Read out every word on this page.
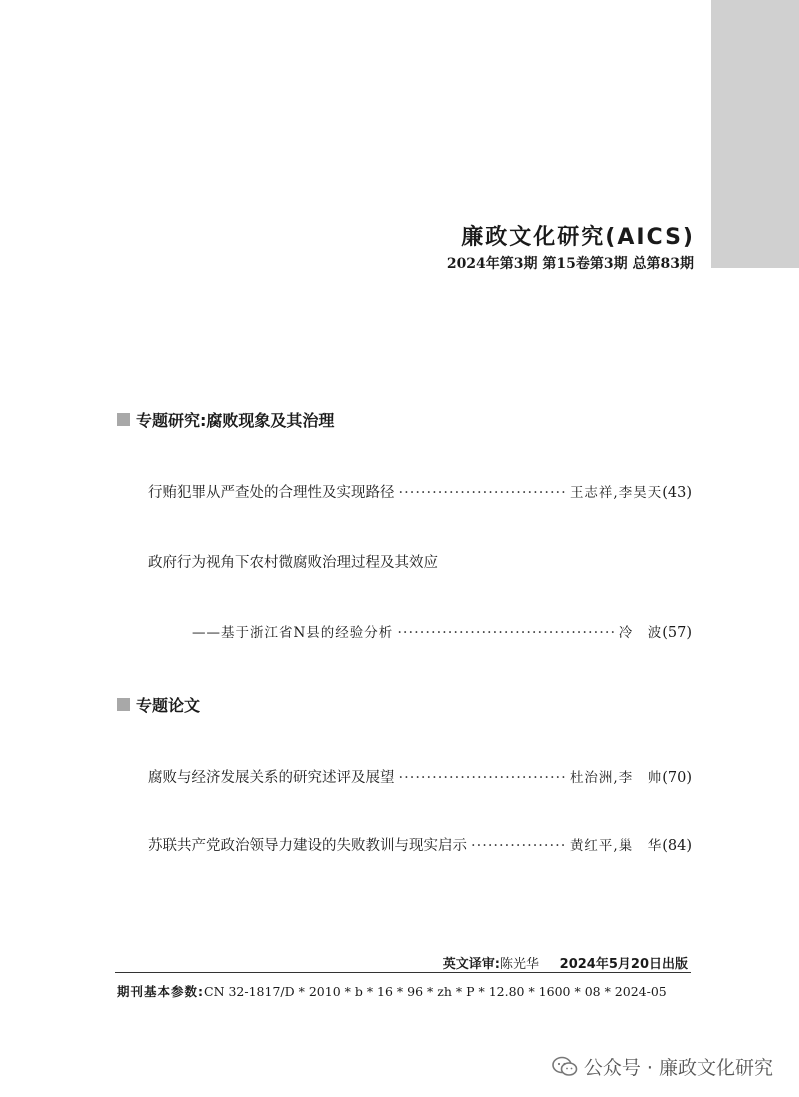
廉政文化研究(AICS)
2024年第3期 第15卷第3期 总第83期
专题研究:腐败现象及其治理
行贿犯罪从严查处的合理性及实现路径 ·····	王志祥,李昊天 (43)
政府行为视角下农村微腐败治理过程及其效应
——基于浙江省N县的经验分析 ·····	冷　波 (57)
专题论文
腐败与经济发展关系的研究述评及展望 ·····	杜治洲,李　帅 (70)
苏联共产党政治领导力建设的失败教训与现实启示 ·····	黄红平,巢　华 (84)
英文译审:陈光华 2024年5月20日出版
期刊基本参数:CN 32-1817/D * 2010 * b * 16 * 96 * zh * P * 12.80 * 1600 * 08 * 2024-05
公众号 · 廉政文化研究
